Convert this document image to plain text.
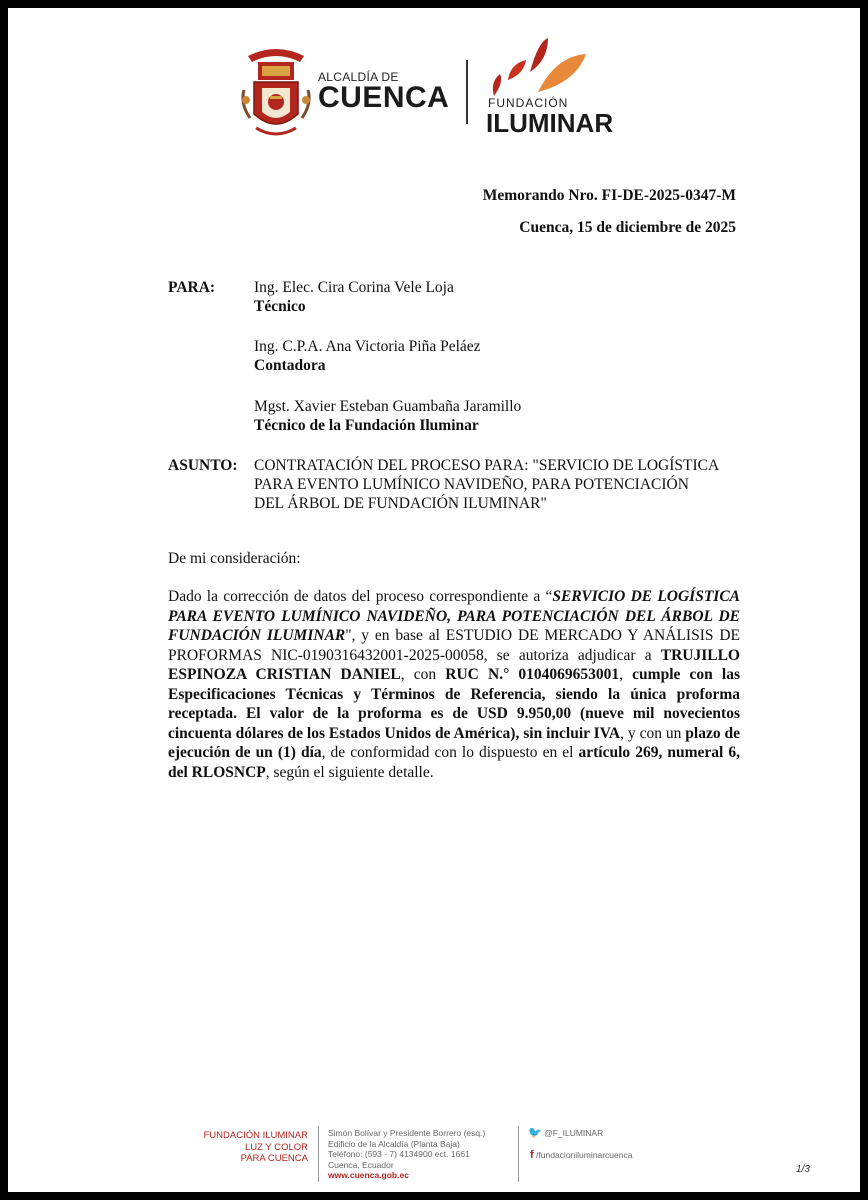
ALCALDÍA DE
CUENCA	FUNDACIÓN
ILUMINAR
Memorando Nro. FI-DE-2025-0347-M
Cuenca, 15 de diciembre de 2025
PARA:	Ing. Elec. Cira Corina Vele Loja
Técnico
Ing. C.P.A. Ana Victoria Piña Peláez
Contadora
Mgst. Xavier Esteban Guambaña Jaramillo
Técnico de la Fundación Iluminar
ASUNTO: CONTRATACIÓN DEL PROCESO PARA: "SERVICIO DE LOGÍSTICA
PARA EVENTO LUMÍNICO NAVIDEÑO, PARA POTENCIACIÓN
DEL ÁRBOL DE FUNDACIÓN ILUMINAR"
De mi consideración:
Dado la corrección de datos del proceso correspondiente a “SERVICIO DE LOGÍSTICA PARA EVENTO LUMÍNICO NAVIDEÑO, PARA POTENCIACIÓN DEL ÁRBOL DE FUNDACIÓN ILUMINAR", y en base al ESTUDIO DE MERCADO Y ANÁLISIS DE PROFORMAS NIC-0190316432001-2025-00058, se autoriza adjudicar a TRUJILLO ESPINOZA CRISTIAN DANIEL, con RUC N.° 0104069653001, cumple con las Especificaciones Técnicas y Términos de Referencia, siendo la única proforma receptada. El valor de la proforma es de USD 9.950,00 (nueve mil novecientos cincuenta dólares de los Estados Unidos de América), sin incluir IVA, y con un plazo de ejecución de un (1) día, de conformidad con lo dispuesto en el artículo 269, numeral 6, del RLOSNCP, según el siguiente detalle.
FUNDACIÓN ILUMINAR
LUZ Y COLOR
PARA CUENCA
Simón Bolívar y Presidente Borrero (esq.)
Edificio de la Alcaldía (Planta Baja)
Teléfono: (593 - 7) 4134900 ect. 1661
Cuenca, Ecuador
www.cuenca.gob.ec
🐦 @F_ILUMINAR
f /fundacioniluminarcuenca
1/3
